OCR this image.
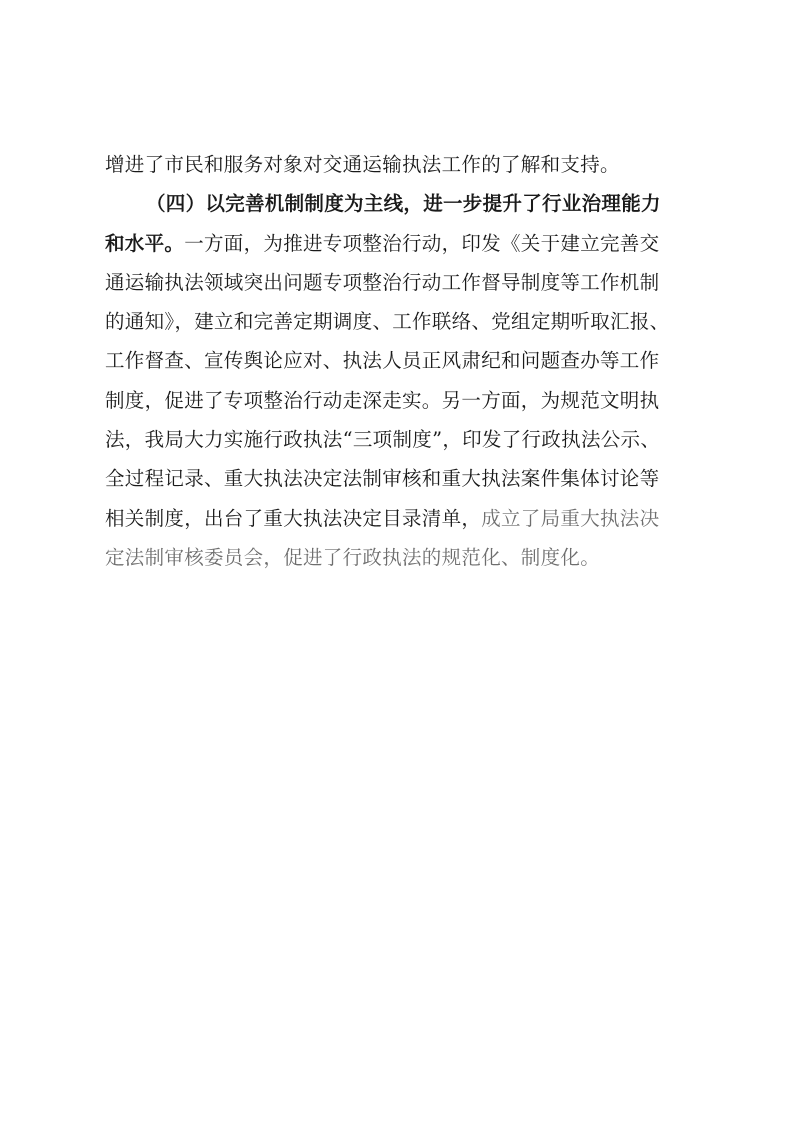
增进了市民和服务对象对交通运输执法工作的了解和支持。
（四）以完善机制制度为主线，进一步提升了行业治理能力
和水平。一方面，为推进专项整治行动，印发《关于建立完善交
通运输执法领域突出问题专项整治行动工作督导制度等工作机制
的通知》，建立和完善定期调度、工作联络、党组定期听取汇报、
工作督查、宣传舆论应对、执法人员正风肃纪和问题查办等工作
制度，促进了专项整治行动走深走实。另一方面，为规范文明执
法，我局大力实施行政执法“三项制度”，印发了行政执法公示、
全过程记录、重大执法决定法制审核和重大执法案件集体讨论等
相关制度，出台了重大执法决定目录清单，成立了局重大执法决
定法制审核委员会，促进了行政执法的规范化、制度化。
